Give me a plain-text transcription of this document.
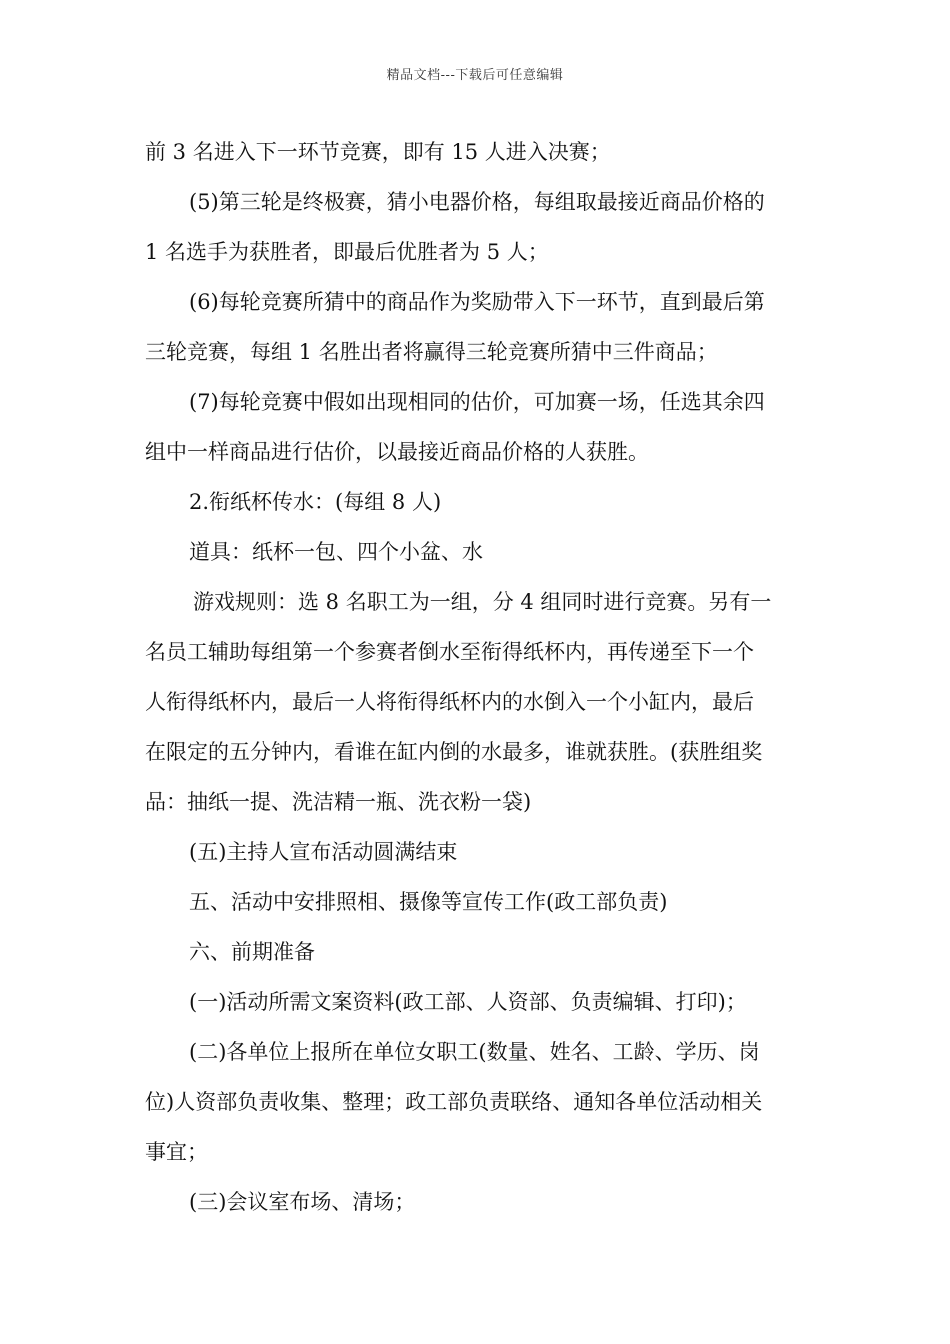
精品文档---下载后可任意编辑
前 3 名进入下一环节竞赛，即有 15 人进入决赛；
(5)第三轮是终极赛，猜小电器价格，每组取最接近商品价格的
1 名选手为获胜者，即最后优胜者为 5 人；
(6)每轮竞赛所猜中的商品作为奖励带入下一环节，直到最后第
三轮竞赛，每组 1 名胜出者将赢得三轮竞赛所猜中三件商品；
(7)每轮竞赛中假如出现相同的估价，可加赛一场，任选其余四
组中一样商品进行估价，以最接近商品价格的人获胜。
2.衔纸杯传水：(每组 8 人)
道具：纸杯一包、四个小盆、水
游戏规则：选 8 名职工为一组，分 4 组同时进行竞赛。另有一
名员工辅助每组第一个参赛者倒水至衔得纸杯内，再传递至下一个
人衔得纸杯内，最后一人将衔得纸杯内的水倒入一个小缸内，最后
在限定的五分钟内，看谁在缸内倒的水最多，谁就获胜。(获胜组奖
品：抽纸一提、洗洁精一瓶、洗衣粉一袋)
(五)主持人宣布活动圆满结束
五、活动中安排照相、摄像等宣传工作(政工部负责)
六、前期准备
(一)活动所需文案资料(政工部、人资部、负责编辑、打印)；
(二)各单位上报所在单位女职工(数量、姓名、工龄、学历、岗
位)人资部负责收集、整理；政工部负责联络、通知各单位活动相关
事宜；
(三)会议室布场、清场；
